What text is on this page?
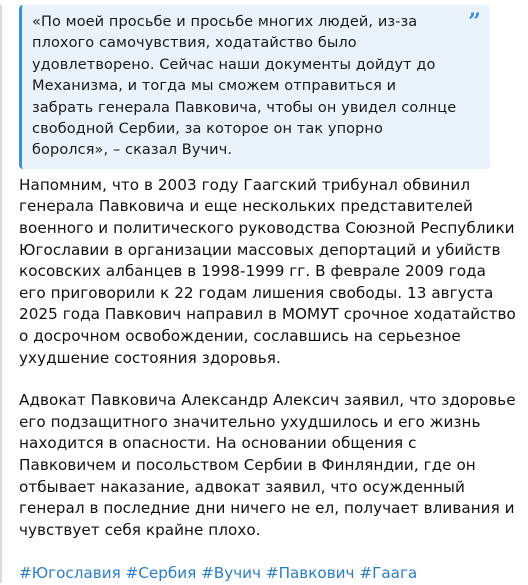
«По моей просьбе и просьбе многих людей, из-за плохого самочувствия, ходатайство было удовлетворено. Сейчас наши документы дойдут до Механизма, и тогда мы сможем отправиться и забрать генерала Павковича, чтобы он увидел солнце свободной Сербии, за которое он так упорно боролся», – сказал Вучич.
”

Напомним, что в 2003 году Гаагский трибунал обвинил генерала Павковича и еще нескольких представителей военного и политического руководства Союзной Республики Югославии в организации массовых депортаций и убийств косовских албанцев в 1998-1999 гг. В феврале 2009 года его приговорили к 22 годам лишения свободы. 13 августа 2025 года Павкович направил в МОМУТ срочное ходатайство о досрочном освобождении, сославшись на серьезное ухудшение состояния здоровья.

Адвокат Павковича Александр Алексич заявил, что здоровье его подзащитного значительно ухудшилось и его жизнь находится в опасности. На основании общения с Павковичем и посольством Сербии в Финляндии, где он отбывает наказание, адвокат заявил, что осужденный генерал в последние дни ничего не ел, получает вливания и чувствует себя крайне плохо.

#Югославия #Сербия #Вучич #Павкович #Гаага
